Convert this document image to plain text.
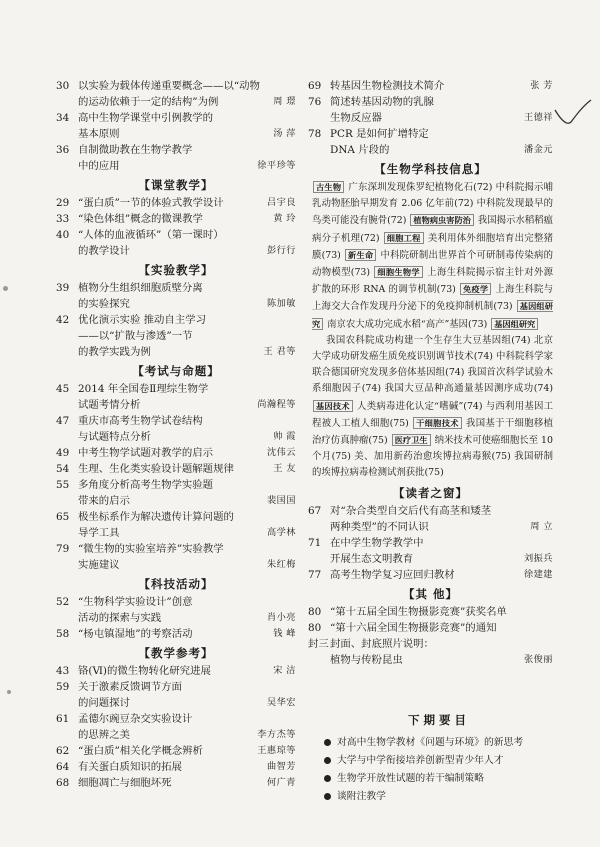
30 以实验为载体传递重要概念——以“动物
的运动依赖于一定的结构”为例	周 璟
34 高中生物学课堂中引例教学的
基本原则	汤 萍
36 自制微助教在生物学教学
中的应用	徐平珍等
【课堂教学】
29 “蛋白质”一节的体验式教学设计	吕宇良
33 “染色体组”概念的微课教学	黄 玲
40 “人体的血液循环”（第一课时）
的教学设计	彭行行
【实验教学】
39 植物分生组织细胞质壁分离
的实验探究	陈加敏
42 优化演示实验 推动自主学习
——以“扩散与渗透”一节
的教学实践为例	王 君等
【考试与命题】
45 2014 年全国卷Ⅱ理综生物学
试题考情分析	尚瀚程等
47 重庆市高考生物学试卷结构
与试题特点分析	帅 霞
49 中考生物学试题对教学的启示	沈伟云
54 生理、生化类实验设计题解题规律	王 友
55 多角度分析高考生物学实验题
带来的启示	裴国国
65 极坐标系作为解决遗传计算问题的
导学工具	高学林
79 “微生物的实验室培养”实验教学
实施建议	朱红梅
【科技活动】
52 “生物科学实验设计”创意
活动的探索与实践	肖小亮
58 “杨屯镇湿地”的考察活动	钱 峰
【教学参考】
43 铬(Ⅵ)的微生物转化研究进展	宋 洁
59 关于激素反馈调节方面
的问题探讨	吴华宏
61 孟德尔豌豆杂交实验设计
的思辨之美	李方杰等
62 “蛋白质”相关化学概念辨析	王惠琼等
64 有关蛋白质知识的拓展	曲智芳
68 细胞凋亡与细胞坏死	何广青
69 转基因生物检测技术简介	张 芳
76 简述转基因动物的乳腺
生物反应器	王德祥
78 PCR 是如何扩增特定
DNA 片段的	潘金元
【生物学科技信息】

古生物 广东深圳发现侏罗纪植物化石(72) 中科院揭示哺乳动物胚胎早期发育 2.06 亿年前(72) 中科院发现最早的鸟类可能没有腕骨(72) 植物病虫害防治 我国揭示水稻稻瘟病分子机理(72) 细胞工程 美利用体外细胞培育出完整猪膜(73) 新生命 中科院研制出世界首个可研制毒传染病的动物模型(73) 细胞生物学 上海生科院揭示宿主针对外源扩散的环形 RNA 的调节机制(73) 免疫学 上海生科院与上海交大合作发现丹分泌下的免疫抑制机制(73) 基因组研究 南京农大成功完成水稻“高产”基因(73) 基因组研究

我国农科院成功构建一个生存生大豆基因组(74) 北京大学成功研发癌生质免疫识别调节技术(74) 中科院科学家联合德国研究发现多倍体基因组(74) 我国首次科学试验木系细胞因子(74) 我国大豆品种高通量基因测序成功(74) 基因技术 人类病毒进化认定“嗜碱”(74) 与西利用基因工程被人工植人细胞(75) 干细胞技术 我国基于干细胞移植治疗仿真肿瘤(75) 医疗卫生 纳米技术可使癌细胞长至 10 个月(75) 美、加用新药治愈埃博拉病毒猴(75) 我国研制的埃博拉病毒检测试剂获批(75)

【读者之窗】
67 对“杂合类型自交后代有高茎和矮茎
两种类型”的不同认识	周 立
71 在中学生物学教学中
开展生态文明教育	刘振兵
77 高考生物学复习应回归教材	徐建建
【其 他】
80 “第十五届全国生物摄影竞赛”获奖名单
80 “第十六届全国生物摄影竞赛”的通知
封三 封面、封底照片说明：
植物与传粉昆虫	张俊丽
下期要目
对高中生物学教材《问题与环境》的新思考
大学与中学衔接培养创新型青少年人才
生物学开放性试题的若干编制策略
谈附注教学
